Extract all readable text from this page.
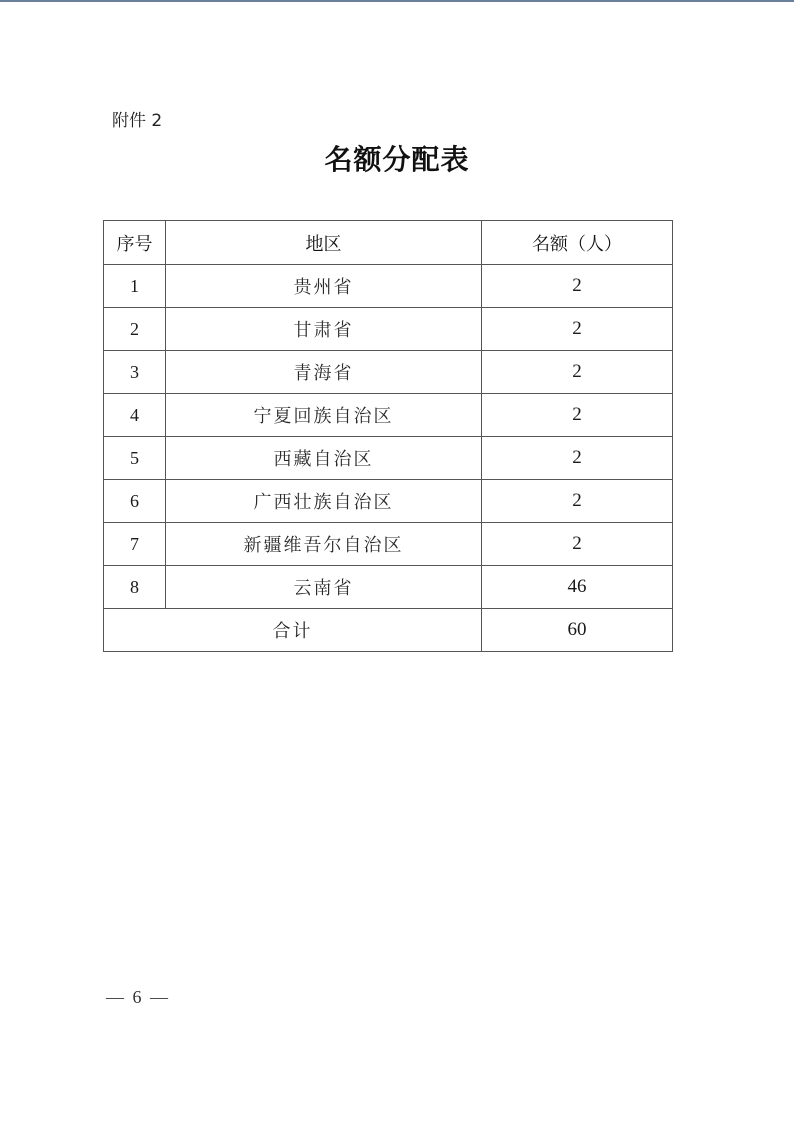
附件 2
名额分配表
序号	地区	名额（人）
1	贵州省	2
2	甘肃省	2
3	青海省	2
4	宁夏回族自治区	2
5	西藏自治区	2
6	广西壮族自治区	2
7	新疆维吾尔自治区	2
8	云南省	46
合计		60
— 6 —
